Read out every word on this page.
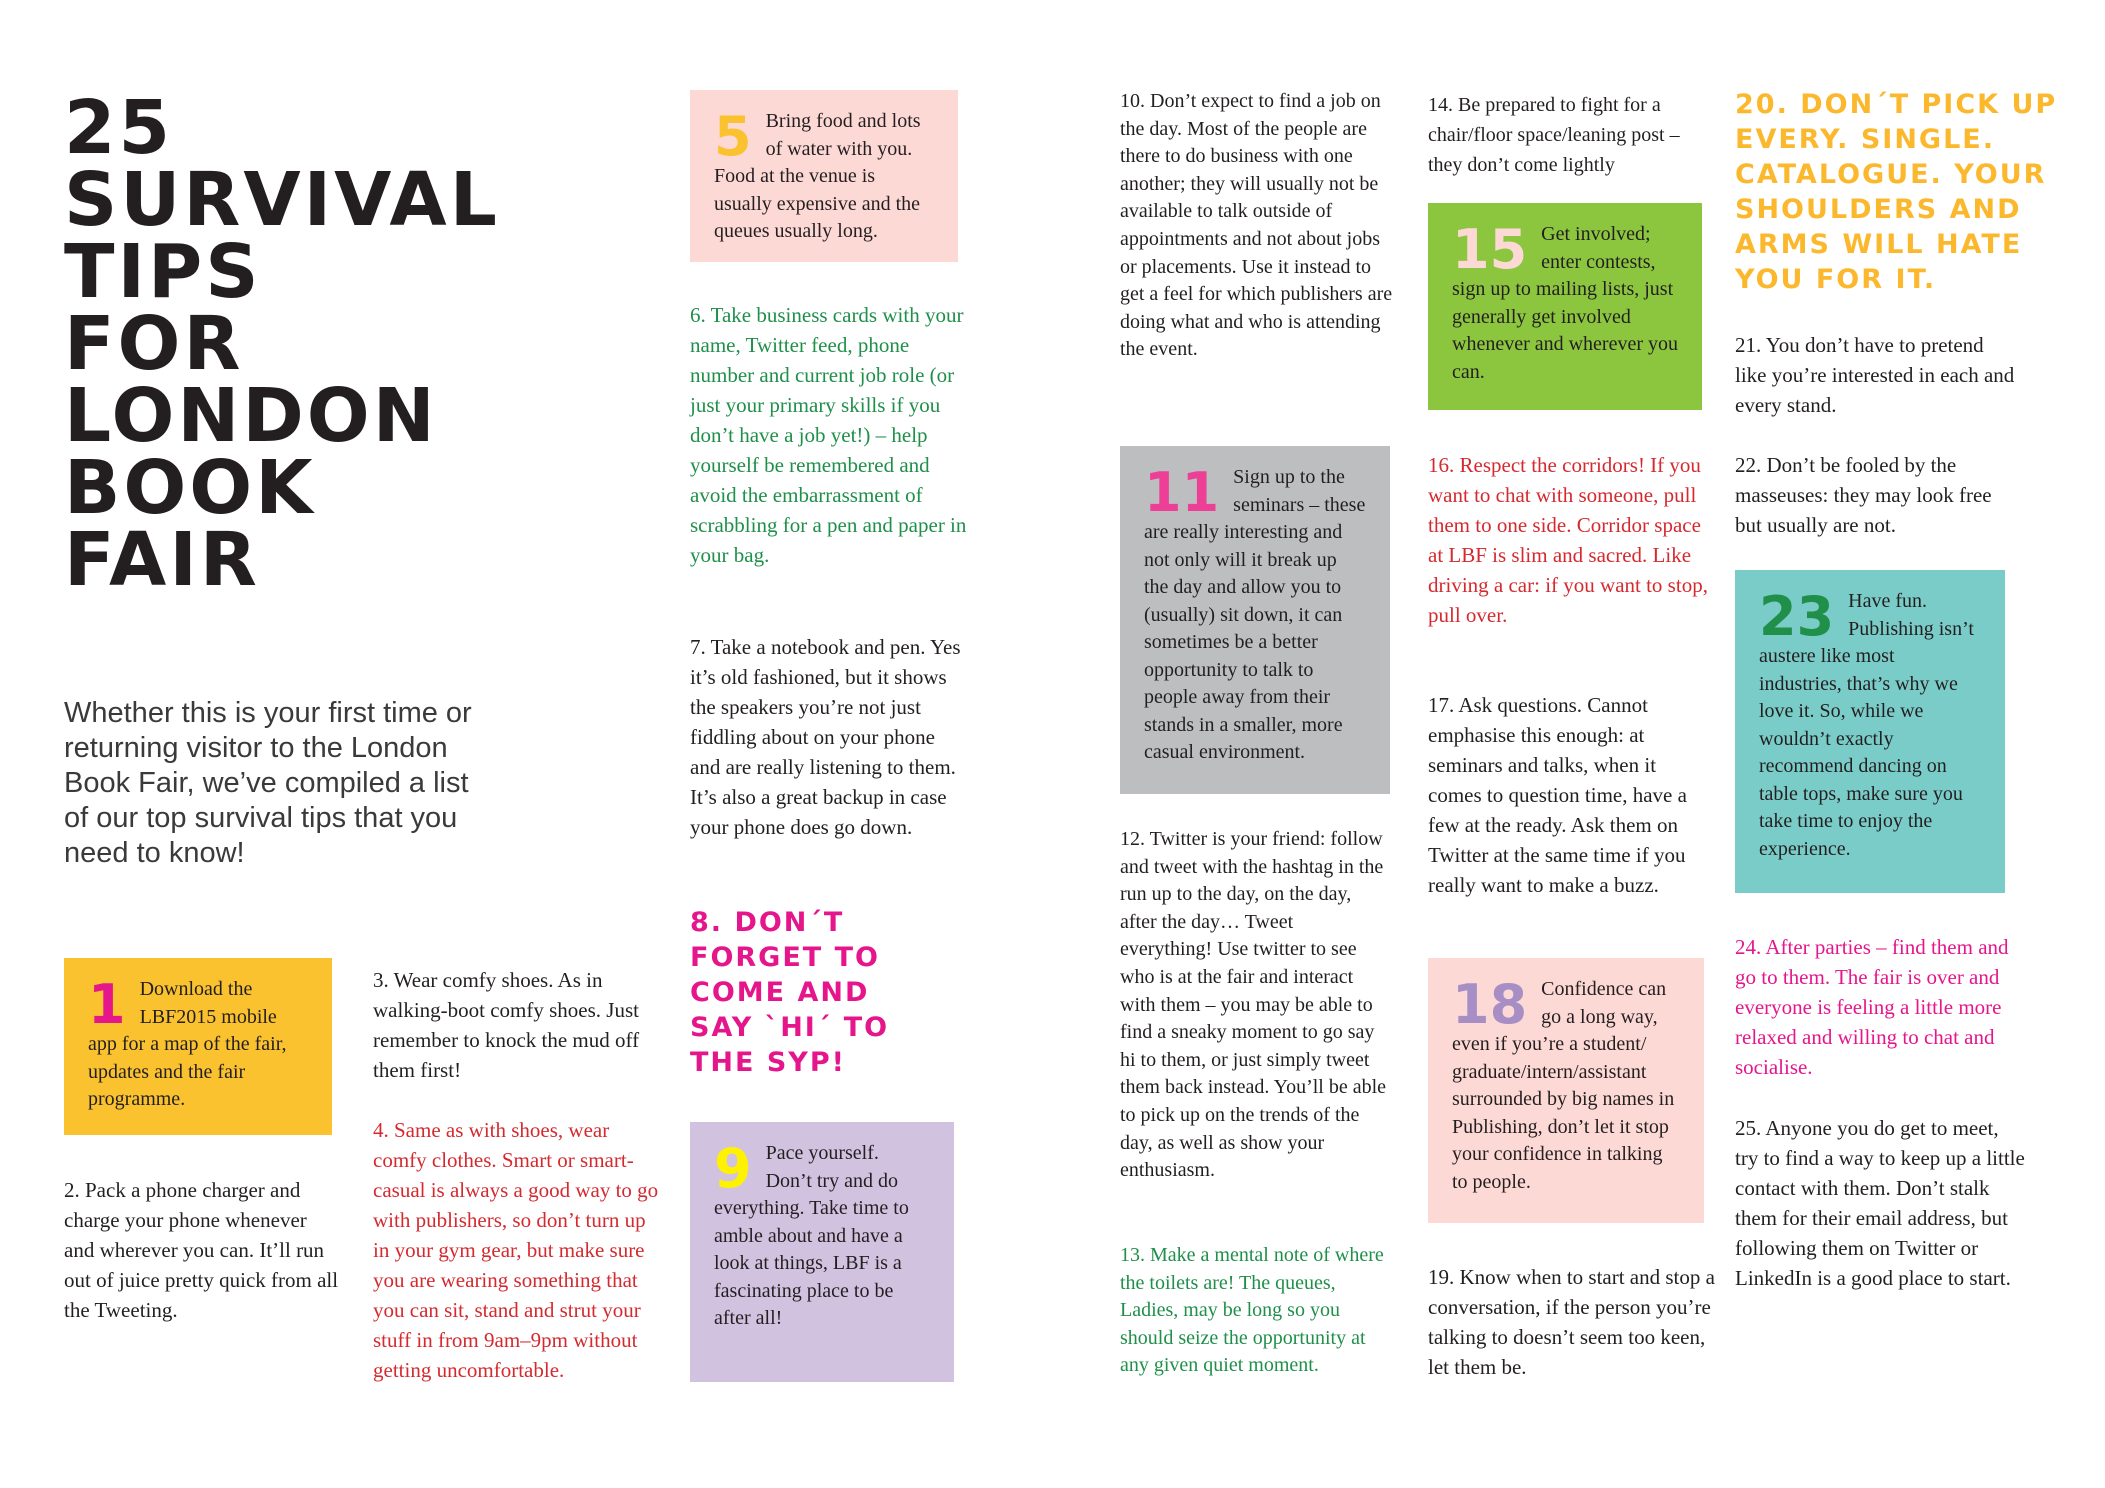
25
SURVIVAL
TIPS
FOR
LONDON
BOOK
FAIR

Whether this is your first time or returning visitor to the London Book Fair, we’ve compiled a list of our top survival tips that you need to know!

1 Download the LBF2015 mobile app for a map of the fair, updates and the fair programme.

2. Pack a phone charger and charge your phone whenever and wherever you can. It’ll run out of juice pretty quick from all the Tweeting.

3. Wear comfy shoes. As in walking-boot comfy shoes. Just remember to knock the mud off them first!

4. Same as with shoes, wear comfy clothes. Smart or smart-casual is always a good way to go with publishers, so don’t turn up in your gym gear, but make sure you are wearing something that you can sit, stand and strut your stuff in from 9am–9pm without getting uncomfortable.

5 Bring food and lots of water with you. Food at the venue is usually expensive and the queues usually long.

6. Take business cards with your name, Twitter feed, phone number and current job role (or just your primary skills if you don’t have a job yet!) – help yourself be remembered and avoid the embarrassment of scrabbling for a pen and paper in your bag.

7. Take a notebook and pen. Yes it’s old fashioned, but it shows the speakers you’re not just fiddling about on your phone and are really listening to them. It’s also a great backup in case your phone does go down.

8. DON´T FORGET TO COME AND SAY `HI´ TO THE SYP!

9 Pace yourself. Don’t try and do everything. Take time to amble about and have a look at things, LBF is a fascinating place to be after all!

10. Don’t expect to find a job on the day. Most of the people are there to do business with one another; they will usually not be available to talk outside of appointments and not about jobs or placements. Use it instead to get a feel for which publishers are doing what and who is attending the event.

11 Sign up to the seminars – these are really interesting and not only will it break up the day and allow you to (usually) sit down, it can sometimes be a better opportunity to talk to people away from their stands in a smaller, more casual environment.

12. Twitter is your friend: follow and tweet with the hashtag in the run up to the day, on the day, after the day… Tweet everything! Use twitter to see who is at the fair and interact with them – you may be able to find a sneaky moment to go say hi to them, or just simply tweet them back instead. You’ll be able to pick up on the trends of the day, as well as show your enthusiasm.

13. Make a mental note of where the toilets are! The queues, Ladies, may be long so you should seize the opportunity at any given quiet moment.

14. Be prepared to fight for a chair/floor space/leaning post – they don’t come lightly

15 Get involved; enter contests, sign up to mailing lists, just generally get involved whenever and wherever you can.

16. Respect the corridors! If you want to chat with someone, pull them to one side. Corridor space at LBF is slim and sacred. Like driving a car: if you want to stop, pull over.

17. Ask questions. Cannot emphasise this enough: at seminars and talks, when it comes to question time, have a few at the ready. Ask them on Twitter at the same time if you really want to make a buzz.

18 Confidence can go a long way, even if you’re a student/ graduate/intern/assistant surrounded by big names in Publishing, don’t let it stop your confidence in talking to people.

19. Know when to start and stop a conversation, if the person you’re talking to doesn’t seem too keen, let them be.

20. DON´T PICK UP EVERY. SINGLE. CATALOGUE. YOUR SHOULDERS AND ARMS WILL HATE YOU FOR IT.

21. You don’t have to pretend like you’re interested in each and every stand.

22. Don’t be fooled by the masseuses: they may look free but usually are not.

23 Have fun. Publishing isn’t austere like most industries, that’s why we love it. So, while we wouldn’t exactly recommend dancing on table tops, make sure you take time to enjoy the experience.

24. After parties – find them and go to them. The fair is over and everyone is feeling a little more relaxed and willing to chat and socialise.

25. Anyone you do get to meet, try to find a way to keep up a little contact with them. Don’t stalk them for their email address, but following them on Twitter or LinkedIn is a good place to start.
